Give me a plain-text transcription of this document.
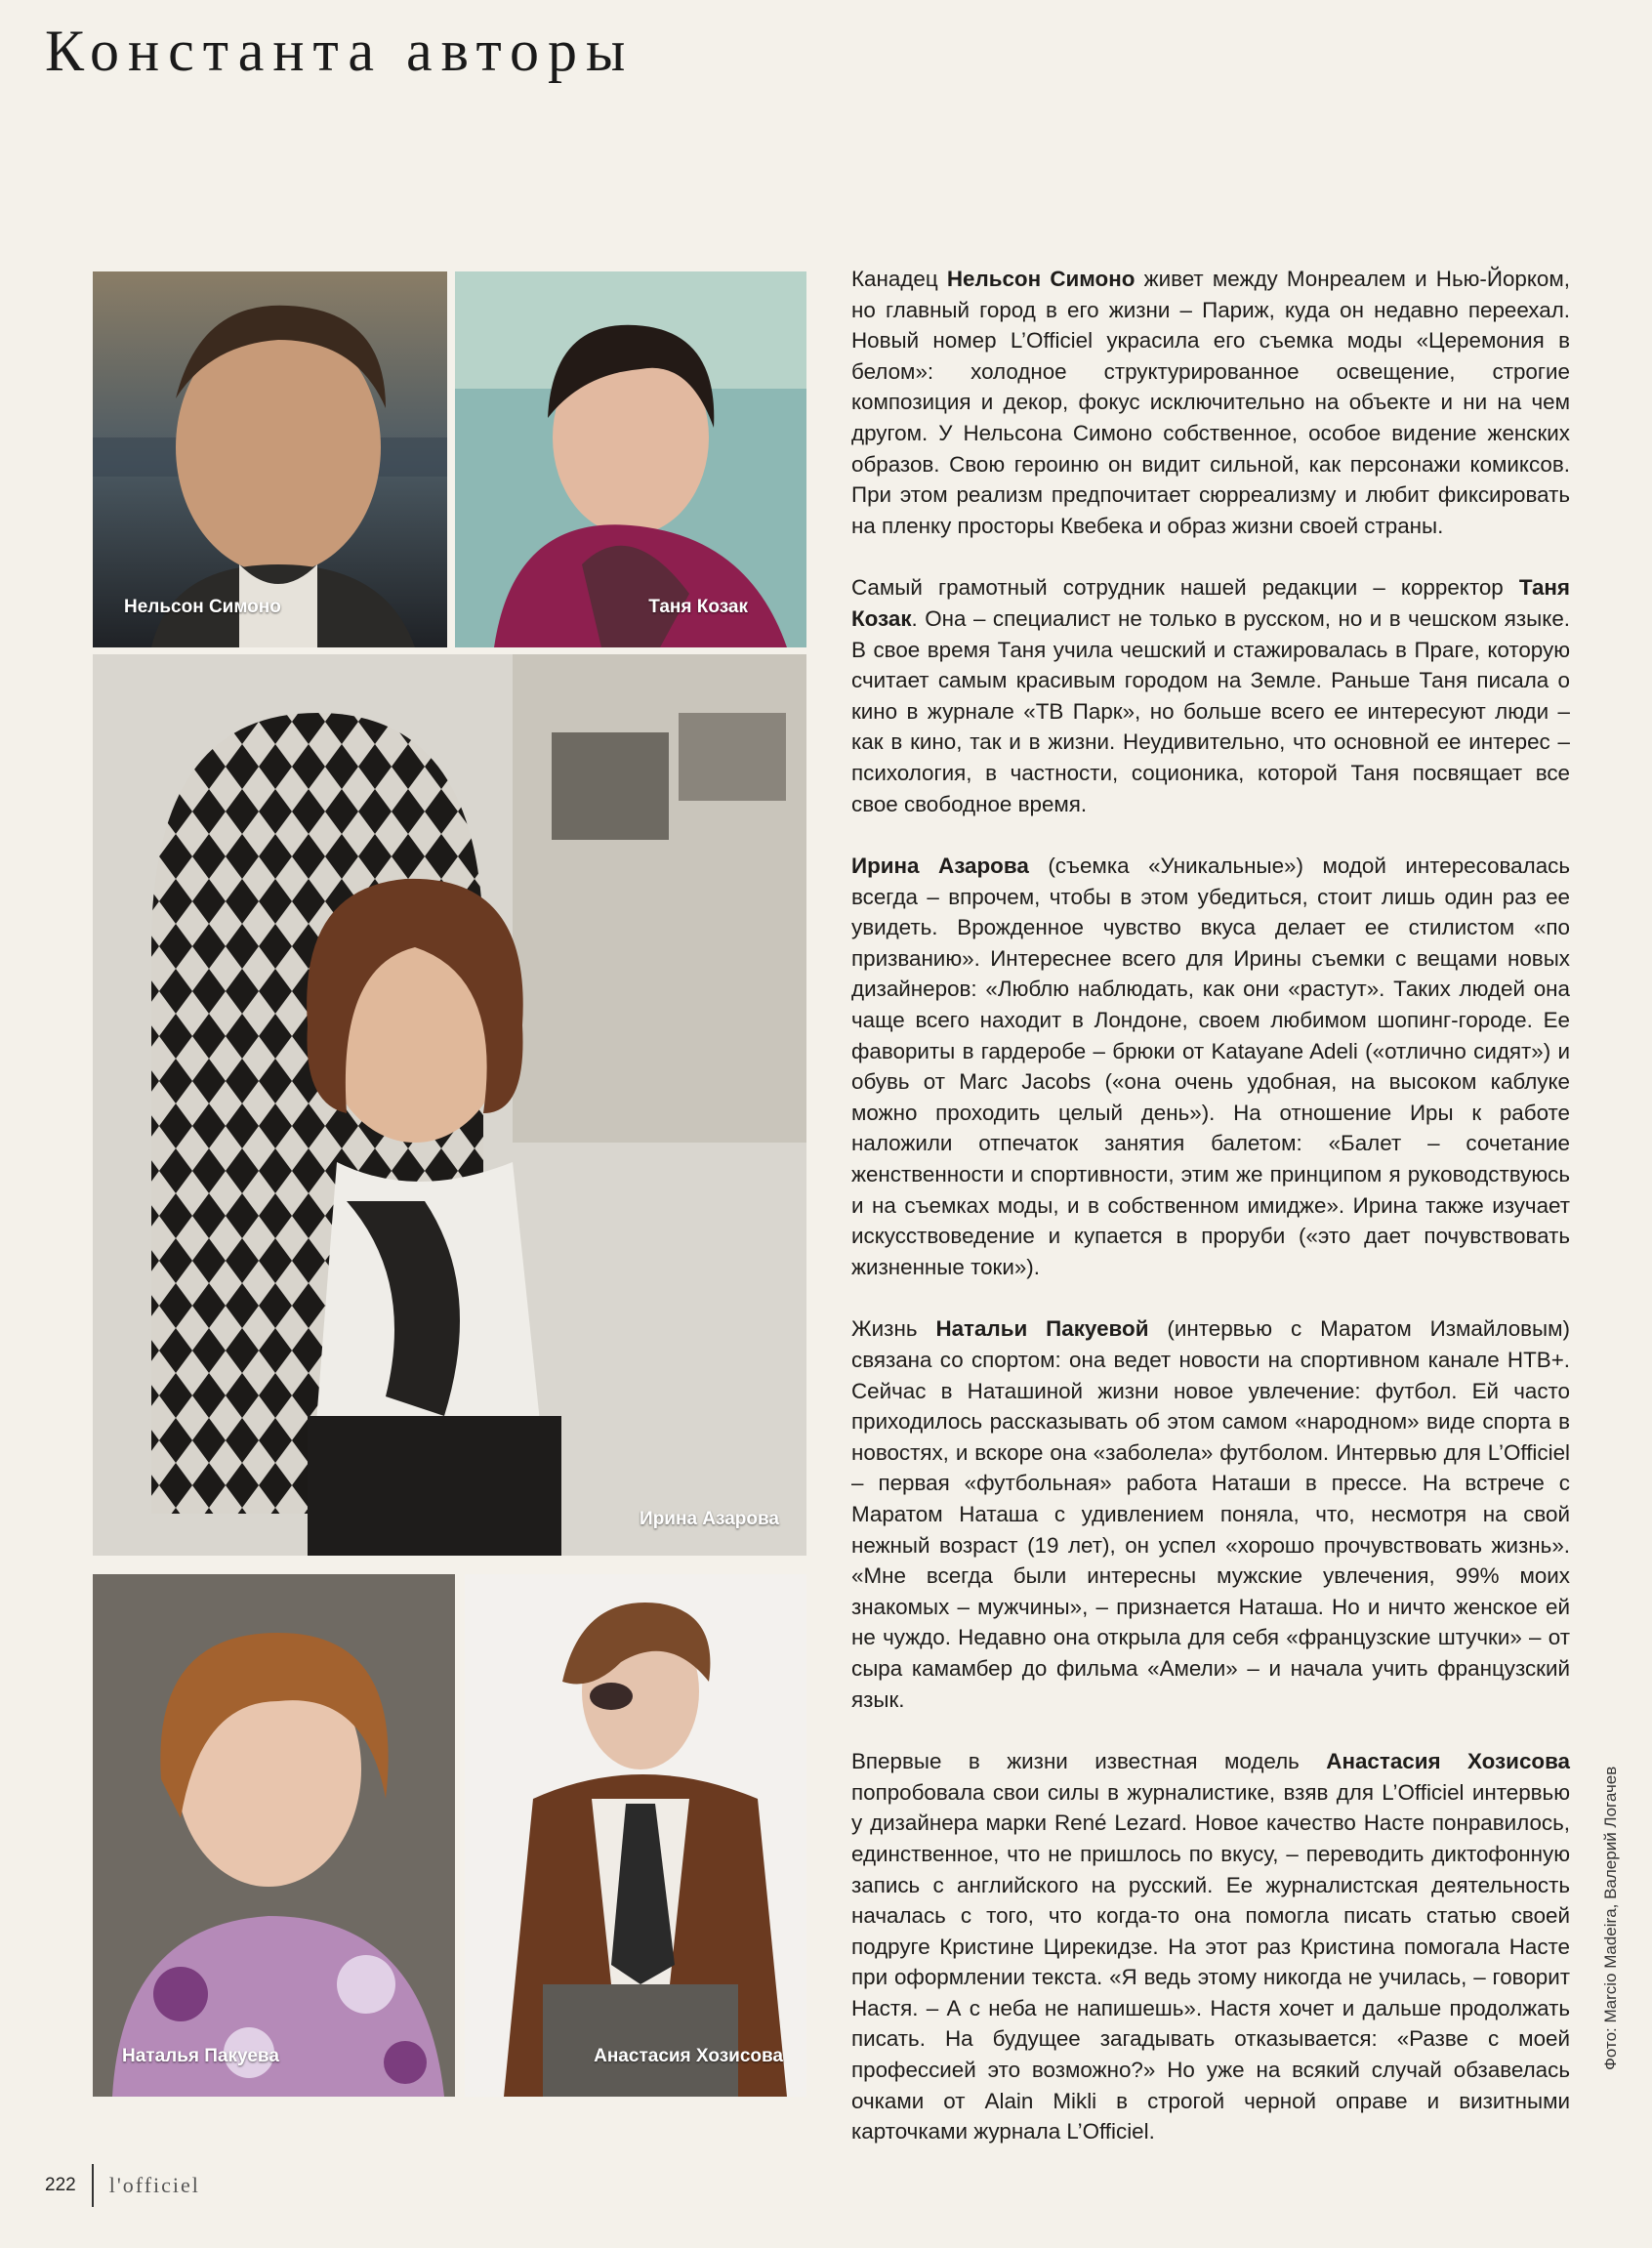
Константа авторы
Нельсон Симоно	Таня Козак
Ирина Азарова
Наталья Пакуева	Анастасия Хозисова

Канадец Нельсон Симоно живет между Монреалем и Нью-Йорком, но главный город в его жизни – Париж, куда он недавно переехал. Новый номер L’Officiel украсила его съемка моды «Церемония в белом»: холодное структурированное освещение, строгие композиция и декор, фокус исключительно на объекте и ни на чем другом. У Нельсона Симоно собственное, особое видение женских образов. Свою героиню он видит сильной, как персонажи комиксов. При этом реализм предпочитает сюрреализму и любит фиксировать на пленку просторы Квебека и образ жизни своей страны.

Самый грамотный сотрудник нашей редакции – корректор Таня Козак. Она – специалист не только в русском, но и в чешском языке. В свое время Таня учила чешский и стажировалась в Праге, которую считает самым красивым городом на Земле. Раньше Таня писала о кино в журнале «ТВ Парк», но больше всего ее интересуют люди – как в кино, так и в жизни. Неудивительно, что основной ее интерес – психология, в частности, соционика, которой Таня посвящает все свое свободное время.

Ирина Азарова (съемка «Уникальные») модой интересовалась всегда – впрочем, чтобы в этом убедиться, стоит лишь один раз ее увидеть. Врожденное чувство вкуса делает ее стилистом «по призванию». Интереснее всего для Ирины съемки с вещами новых дизайнеров: «Люблю наблюдать, как они «растут». Таких людей она чаще всего находит в Лондоне, своем любимом шопинг-городе. Ее фавориты в гардеробе – брюки от Katayane Adeli («отлично сидят») и обувь от Marc Jacobs («она очень удобная, на высоком каблуке можно проходить целый день»). На отношение Иры к работе наложили отпечаток занятия балетом: «Балет – сочетание женственности и спортивности, этим же принципом я руководствуюсь и на съемках моды, и в собственном имидже». Ирина также изучает искусствоведение и купается в проруби («это дает почувствовать жизненные токи»).

Жизнь Натальи Пакуевой (интервью с Маратом Измайловым) связана со спортом: она ведет новости на спортивном канале НТВ+. Сейчас в Наташиной жизни новое увлечение: футбол. Ей часто приходилось рассказывать об этом самом «народном» виде спорта в новостях, и вскоре она «заболела» футболом. Интервью для L’Officiel – первая «футбольная» работа Наташи в прессе. На встрече с Маратом Наташа с удивлением поняла, что, несмотря на свой нежный возраст (19 лет), он успел «хорошо прочувствовать жизнь». «Мне всегда были интересны мужские увлечения, 99% моих знакомых – мужчины», – признается Наташа. Но и ничто женское ей не чуждо. Недавно она открыла для себя «французские штучки» – от сыра камамбер до фильма «Амели» – и начала учить французский язык.

Впервые в жизни известная модель Анастасия Хозисова попробовала свои силы в журналистике, взяв для L’Officiel интервью у дизайнера марки René Lezard. Новое качество Насте понравилось, единственное, что не пришлось по вкусу, – переводить диктофонную запись с английского на русский. Ее журналистская деятельность началась с того, что когда-то она помогла писать статью своей подруге Кристине Цирекидзе. На этот раз Кристина помогала Насте при оформлении текста. «Я ведь этому никогда не училась, – говорит Настя. – А с неба не напишешь». Настя хочет и дальше продолжать писать. На будущее загадывать отказывается: «Разве с моей профессией это возможно?» Но уже на всякий случай обзавелась очками от Alain Mikli в строгой черной оправе и визитными карточками журнала L’Officiel.

Фото: Marcio Madeira, Валерий Логачев
222 l'officiel
